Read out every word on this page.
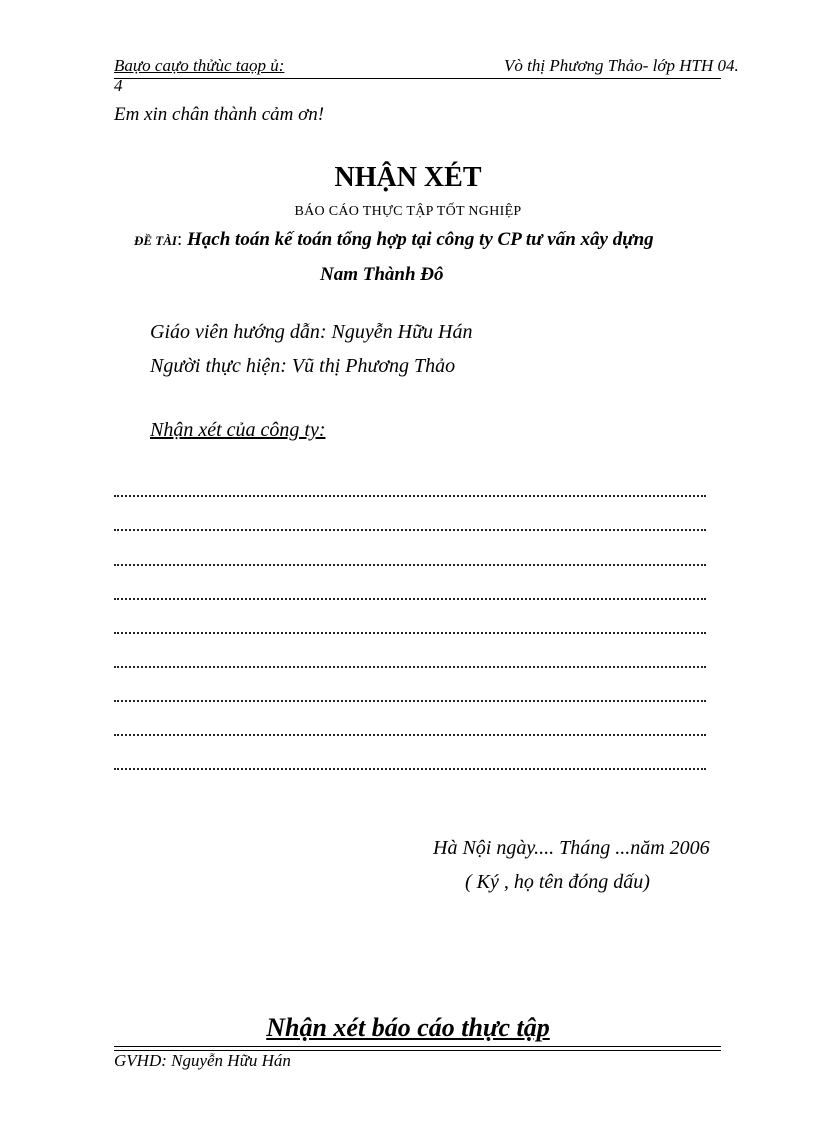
Baựo caựo thửùc taọp ủ:	Vò thị Phương Thảo- lớp HTH 04.
4
Em xin chân thành cảm ơn!
NHẬN XÉT
BÁO CÁO THỰC TẬP TỐT NGHIỆP
ĐỀ TÀI: Hạch toán kế toán tổng hợp tại công ty CP tư vấn xây dựng
Nam Thành Đô
Giáo viên hướng dẫn: Nguyễn Hữu Hán
Người thực hiện: Vũ thị Phương Thảo
Nhận xét của công ty:
Hà Nội ngày.... Tháng ...năm 2006
( Ký , họ tên đóng dấu)
Nhận xét báo cáo thực tập
GVHD: Nguyễn Hữu Hán
